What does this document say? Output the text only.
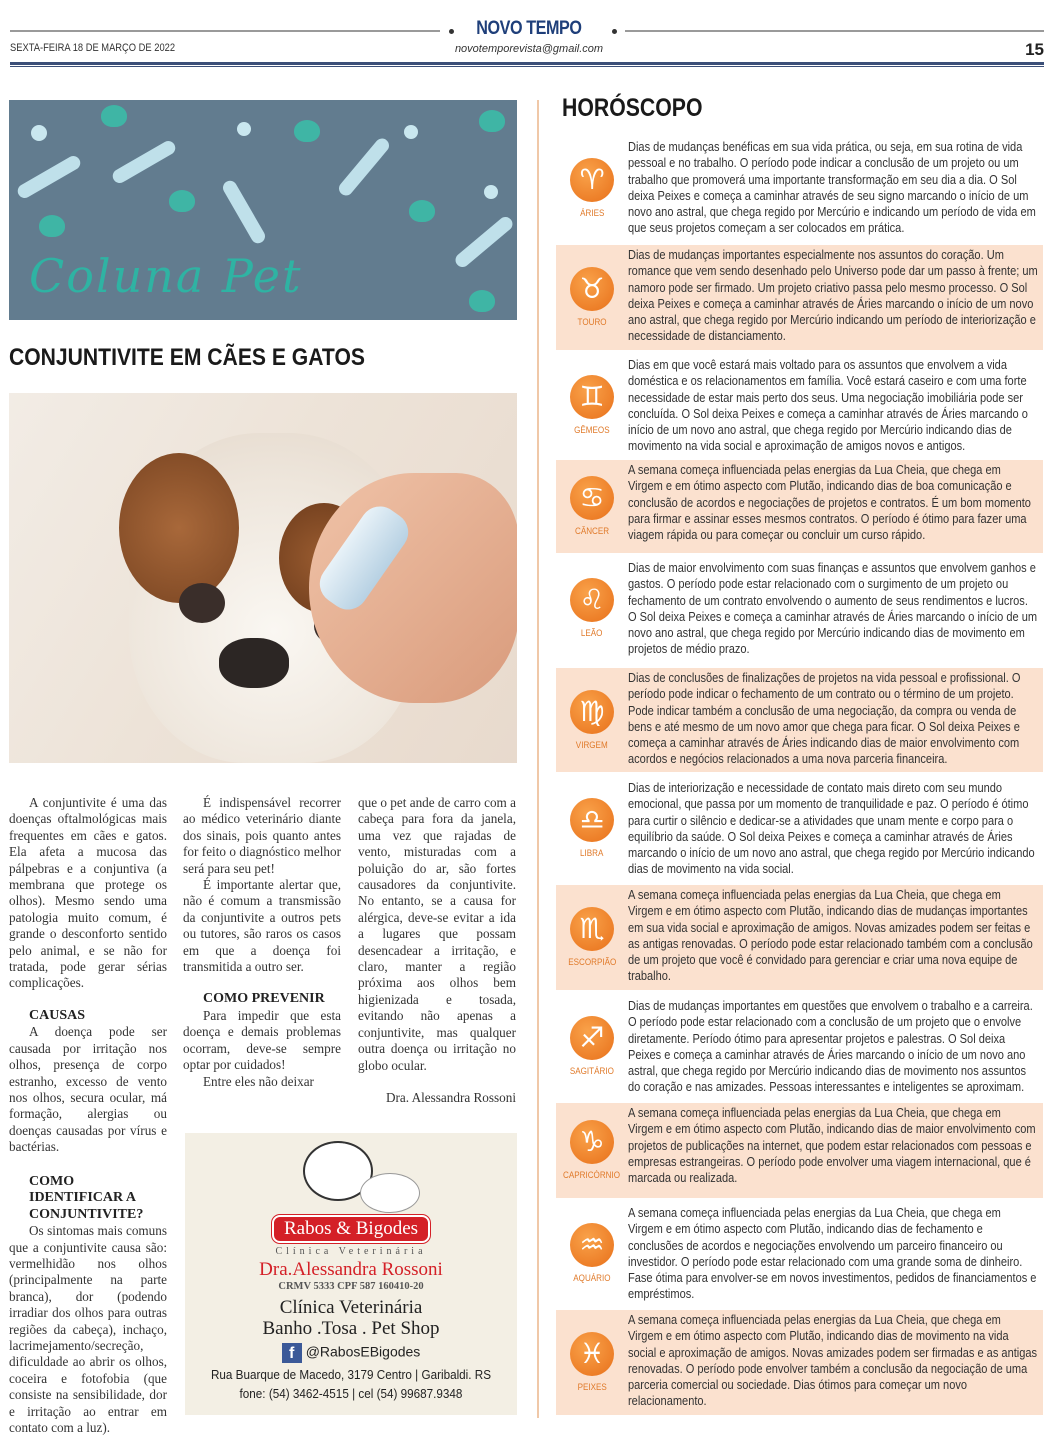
NOVO TEMPO
SEXTA-FEIRA 18 DE MARÇO DE 2022	novotemporevista@gmail.com	15
Coluna Pet
CONJUNTIVITE EM CÃES E GATOS

A conjuntivite é uma das doenças oftalmológicas mais frequentes em cães e gatos. Ela afeta a mucosa das pálpebras e a conjuntiva (a membrana que protege os olhos). Mesmo sendo uma patologia muito comum, é grande o desconforto sentido pelo animal, e se não for tratada, pode gerar sérias complicações.

CAUSAS

A doença pode ser causada por irritação nos olhos, presença de corpo estranho, excesso de vento nos olhos, secura ocular, má formação, alergias ou doenças causadas por vírus e bactérias.

COMO IDENTIFICAR A CONJUNTIVITE?

Os sintomas mais comuns que a conjuntivite causa são: vermelhidão nos olhos (principalmente na parte branca), dor (podendo irradiar dos olhos para outras regiões da cabeça), inchaço, lacrimejamento/secreção, dificuldade ao abrir os olhos, coceira e fotofobia (que consiste na sensibilidade, dor e irritação ao entrar em contato com a luz).

É indispensável recorrer ao médico veterinário diante dos sinais, pois quanto antes for feito o diagnóstico melhor será para seu pet!

É importante alertar que, não é comum a transmissão da conjuntivite a outros pets ou tutores, são raros os casos em que a doença foi transmitida a outro ser.

COMO PREVENIR

Para impedir que esta doença e demais problemas ocorram, deve-se sempre optar por cuidados!

Entre eles não deixar

que o pet ande de carro com a cabeça para fora da janela, uma vez que rajadas de vento, misturadas com a poluição do ar, são fortes causadores da conjuntivite. No entanto, se a causa for alérgica, deve-se evitar a ida a lugares que possam desencadear a irritação, e claro, manter a região próxima aos olhos bem higienizada e tosada, evitando não apenas a conjuntivite, mas qualquer outra doença ou irritação no globo ocular.

Dra. Alessandra Rossoni

Rabos & Bigodes
Clínica Veterinária
Dra.Alessandra Rossoni
CRMV 5333 CPF 587 160410-20
Clínica Veterinária
Banho .Tosa . Pet Shop
f @RabosEBigodes
Rua Buarque de Macedo, 3179 Centro | Garibaldi. RS
fone: (54) 3462-4515 | cel (54) 99687.9348
HORÓSCOPO
♈
ÁRIES
Dias de mudanças benéficas em sua vida prática, ou seja, em sua rotina de vida pessoal e no trabalho. O período pode indicar a conclusão de um projeto ou um trabalho que promoverá uma importante transformação em seu dia a dia. O Sol deixa Peixes e começa a caminhar através de seu signo marcando o início de um novo ano astral, que chega regido por Mercúrio e indicando um período de vida em que seus projetos começam a ser colocados em prática.
♉
TOURO
Dias de mudanças importantes especialmente nos assuntos do coração. Um romance que vem sendo desenhado pelo Universo pode dar um passo à frente; um namoro pode ser firmado. Um projeto criativo passa pelo mesmo processo. O Sol deixa Peixes e começa a caminhar através de Áries marcando o início de um novo ano astral, que chega regido por Mercúrio indicando um período de interiorização e necessidade de distanciamento.
♊
GÊMEOS
Dias em que você estará mais voltado para os assuntos que envolvem a vida doméstica e os relacionamentos em família. Você estará caseiro e com uma forte necessidade de estar mais perto dos seus. Uma negociação imobiliária pode ser concluída. O Sol deixa Peixes e começa a caminhar através de Áries marcando o início de um novo ano astral, que chega regido por Mercúrio indicando dias de movimento na vida social e aproximação de amigos novos e antigos.
♋
CÂNCER
A semana começa influenciada pelas energias da Lua Cheia, que chega em Virgem e em ótimo aspecto com Plutão, indicando dias de boa comunicação e conclusão de acordos e negociações de projetos e contratos. É um bom momento para firmar e assinar esses mesmos contratos. O período é ótimo para fazer uma viagem rápida ou para começar ou concluir um curso rápido.
♌
LEÃO
Dias de maior envolvimento com suas finanças e assuntos que envolvem ganhos e gastos. O período pode estar relacionado com o surgimento de um projeto ou fechamento de um contrato envolvendo o aumento de seus rendimentos e lucros. O Sol deixa Peixes e começa a caminhar através de Áries marcando o início de um novo ano astral, que chega regido por Mercúrio indicando dias de movimento em projetos de médio prazo.
♍
VIRGEM
Dias de conclusões de finalizações de projetos na vida pessoal e profissional. O período pode indicar o fechamento de um contrato ou o término de um projeto. Pode indicar também a conclusão de uma negociação, da compra ou venda de bens e até mesmo de um novo amor que chega para ficar. O Sol deixa Peixes e começa a caminhar através de Áries indicando dias de maior envolvimento com acordos e negócios relacionados a uma nova parceria financeira.
♎
LIBRA
Dias de interiorização e necessidade de contato mais direto com seu mundo emocional, que passa por um momento de tranquilidade e paz. O período é ótimo para curtir o silêncio e dedicar-se a atividades que unam mente e corpo para o equilíbrio da saúde. O Sol deixa Peixes e começa a caminhar através de Áries marcando o início de um novo ano astral, que chega regido por Mercúrio indicando dias de movimento na vida social.
♏
ESCORPIÃO
A semana começa influenciada pelas energias da Lua Cheia, que chega em Virgem e em ótimo aspecto com Plutão, indicando dias de mudanças importantes em sua vida social e aproximação de amigos. Novas amizades podem ser feitas e as antigas renovadas. O período pode estar relacionado também com a conclusão de um projeto que você é convidado para gerenciar e criar uma nova equipe de trabalho.
♐
SAGITÁRIO
Dias de mudanças importantes em questões que envolvem o trabalho e a carreira. O período pode estar relacionado com a conclusão de um projeto que o envolve diretamente. Período ótimo para apresentar projetos e palestras. O Sol deixa Peixes e começa a caminhar através de Áries marcando o início de um novo ano astral, que chega regido por Mercúrio indicando dias de movimento nos assuntos do coração e nas amizades. Pessoas interessantes e inteligentes se aproximam.
♑
CAPRICÓRNIO
A semana começa influenciada pelas energias da Lua Cheia, que chega em Virgem e em ótimo aspecto com Plutão, indicando dias de maior envolvimento com projetos de publicações na internet, que podem estar relacionados com pessoas e empresas estrangeiras. O período pode envolver uma viagem internacional, que é marcada ou realizada.
♒
AQUÁRIO
A semana começa influenciada pelas energias da Lua Cheia, que chega em Virgem e em ótimo aspecto com Plutão, indicando dias de fechamento e conclusões de acordos e negociações envolvendo um parceiro financeiro ou investidor. O período pode estar relacionado com uma grande soma de dinheiro. Fase ótima para envolver-se em novos investimentos, pedidos de financiamentos e empréstimos.
♓
PEIXES
A semana começa influenciada pelas energias da Lua Cheia, que chega em Virgem e em ótimo aspecto com Plutão, indicando dias de movimento na vida social e aproximação de amigos. Novas amizades podem ser firmadas e as antigas renovadas. O período pode envolver também a conclusão da negociação de uma parceria comercial ou sociedade. Dias ótimos para começar um novo relacionamento.
